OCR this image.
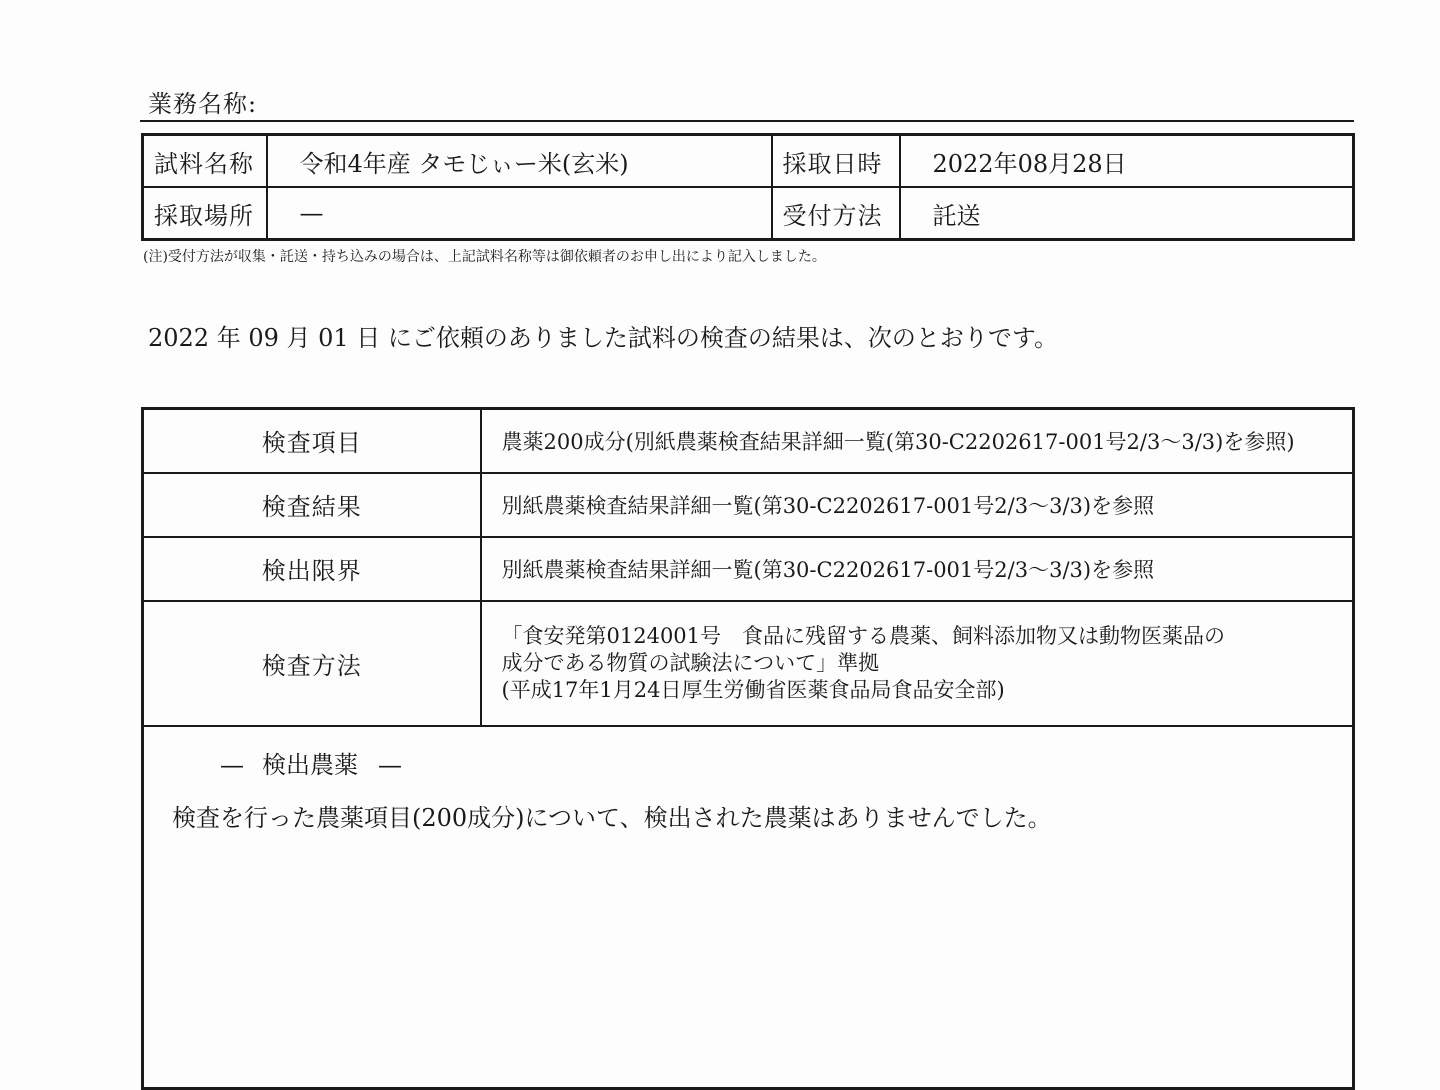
業務名称:
試料名称	令和4年産 タモじぃー米(玄米)	採取日時	2022年08月28日
採取場所	—	受付方法	託送
(注)受付方法が収集・託送・持ち込みの場合は、上記試料名称等は御依頼者のお申し出により記入しました。
2022 年 09 月 01 日 にご依頼のありました試料の検査の結果は、次のとおりです。
検査項目	農薬200成分(別紙農薬検査結果詳細一覧(第30-C2202617-001号2/3～3/3)を参照)
検査結果	別紙農薬検査結果詳細一覧(第30-C2202617-001号2/3～3/3)を参照
検出限界	別紙農薬検査結果詳細一覧(第30-C2202617-001号2/3～3/3)を参照
検査方法	「食安発第0124001号　食品に残留する農薬、飼料添加物又は動物医薬品の
成分である物質の試験法について」準拠
(平成17年1月24日厚生労働省医薬食品局食品安全部)

— 検出農薬 —
検査を行った農薬項目(200成分)について、検出された農薬はありませんでした。	
